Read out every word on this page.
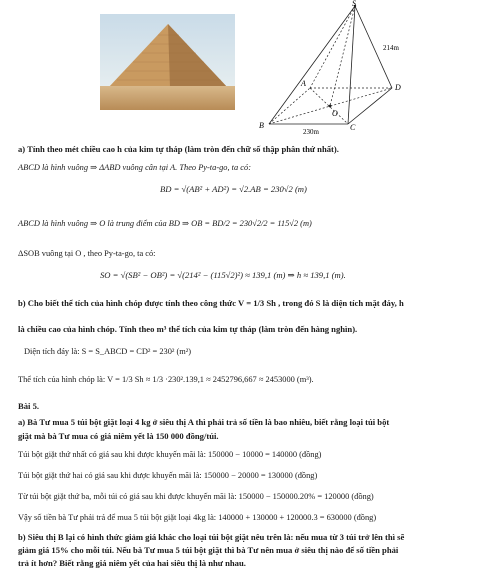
S
A
B	C
D
O
214m
230m
a) Tính theo mét chiều cao h của kim tự tháp (làm tròn đến chữ số thập phân thứ nhất).
ABCD là hình vuông ⇒ ΔABD vuông cân tại A. Theo Py-ta-go, ta có:
BD = √(AB² + AD²) = √2.AB = 230√2 (m)
ABCD là hình vuông ⇒ O là trung điểm của BD ⇒ OB = BD/2 = 230√2/2 = 115√2 (m)
ΔSOB vuông tại O , theo Py-ta-go, ta có:
SO = √(SB² − OB²) = √(214² − (115√2)²) ≈ 139,1 (m) ⇒ h ≈ 139,1 (m).
b) Cho biết thể tích của hình chóp được tính theo công thức V = 1/3 Sh , trong đó S là diện tích mặt đáy, h
là chiều cao của hình chóp. Tính theo m³ thể tích của kim tự tháp (làm tròn đến hàng nghìn).
Diện tích đáy là: S = S_ABCD = CD² = 230² (m²)
Thể tích của hình chóp là: V = 1/3 Sh ≈ 1/3 ·230².139,1 ≈ 2452796,667 ≈ 2453000 (m³).
Bài 5.
a) Bà Tư mua 5 túi bột giặt loại 4 kg ở siêu thị A thì phải trả số tiền là bao nhiêu, biết rằng loại túi bột
giặt mà bà Tư mua có giá niêm yết là 150 000 đồng/túi.
Túi bột giặt thứ nhất có giá sau khi được khuyến mãi là: 150000 − 10000 = 140000 (đồng)
Túi bột giặt thứ hai có giá sau khi được khuyến mãi là: 150000 − 20000 = 130000 (đồng)
Từ túi bột giặt thứ ba, mỗi túi có giá sau khi được khuyến mãi là: 150000 − 150000.20% = 120000 (đồng)
Vậy số tiền bà Tư phải trả để mua 5 túi bột giặt loại 4kg là: 140000 + 130000 + 120000.3 = 630000 (đồng)
b) Siêu thị B lại có hình thức giảm giá khác cho loại túi bột giặt nêu trên là: nếu mua từ 3 túi trở lên thì sẽ
giảm giá 15% cho mỗi túi. Nếu bà Tư mua 5 túi bột giặt thì bà Tư nên mua ở siêu thị nào để số tiền phải
trả ít hơn? Biết rằng giá niêm yết của hai siêu thị là như nhau.
